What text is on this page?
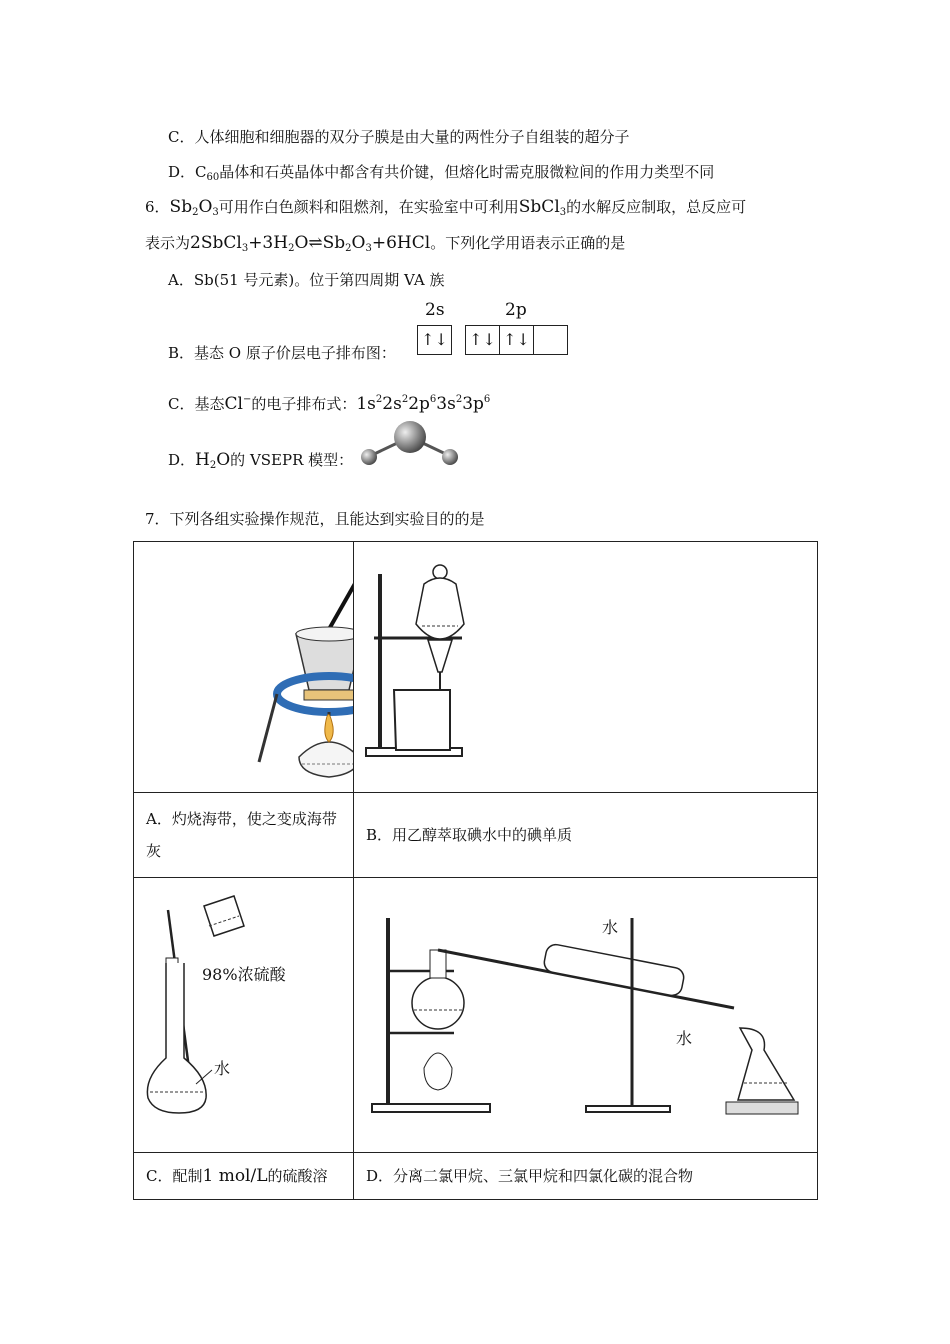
C．人体细胞和细胞器的双分子膜是由大量的两性分子自组装的超分子
D．$C_{60}$晶体和石英晶体中都含有共价键，但熔化时需克服微粒间的作用力类型不同
6．$Sb_2O_3$可用作白色颜料和阻燃剂，在实验室中可利用SbCl$_3$的水解反应制取，总反应可
表示为$2SbCl_3+3H_2O\rightleftharpoons Sb_2O_3+6HCl$。下列化学用语表示正确的是
A．Sb(51 号元素)。位于第四周期 VA 族
B．基态 O 原子价层电子排布图：
2s	2p
↑↓ ↑↓ ↑↓
C．基态Cl−的电子排布式：$1s^22s^22p^63s^23p^6$
D．$H_2O$的 VSEPR 模型：
7．下列各组实验操作规范，且能达到实验目的的是

A．灼烧海带，使之变成海带灰	B．用乙醇萃取碘水中的碘单质

98%浓硫酸
水	水
水

C．配制1 mol/L的硫酸溶	D．分离二氯甲烷、三氯甲烷和四氯化碳的混合物
